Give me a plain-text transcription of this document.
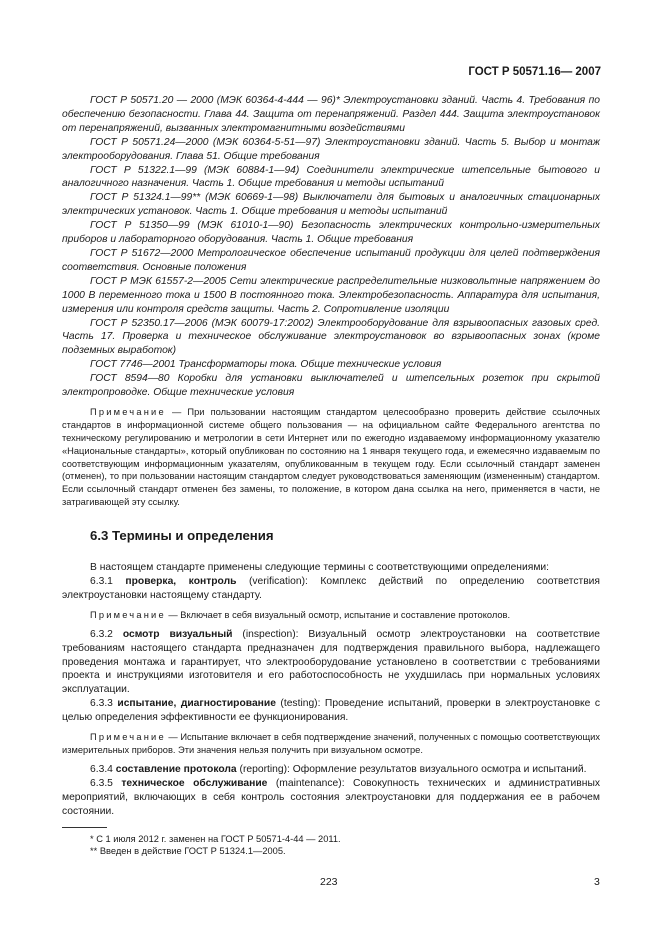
ГОСТ Р 50571.16— 2007

ГОСТ Р 50571.20 — 2000 (МЭК 60364-4-444 — 96)* Электроустановки зданий. Часть 4. Требования по обеспечению безопасности. Глава 44. Защита от перенапряжений. Раздел 444. Защита электроустановок от перенапряжений, вызванных электромагнитными воздействиями

ГОСТ Р 50571.24—2000 (МЭК 60364-5-51—97) Электроустановки зданий. Часть 5. Выбор и монтаж электрооборудования. Глава 51. Общие требования

ГОСТ Р 51322.1—99 (МЭК 60884-1—94) Соединители электрические штепсельные бытового и аналогичного назначения. Часть 1. Общие требования и методы испытаний

ГОСТ Р 51324.1—99** (МЭК 60669-1—98) Выключатели для бытовых и аналогичных стационарных электрических установок. Часть 1. Общие требования и методы испытаний

ГОСТ Р 51350—99 (МЭК 61010-1—90) Безопасность электрических контрольно-измерительных приборов и лабораторного оборудования. Часть 1. Общие требования

ГОСТ Р 51672—2000 Метрологическое обеспечение испытаний продукции для целей подтверждения соответствия. Основные положения

ГОСТ Р МЭК 61557-2—2005 Сети электрические распределительные низковольтные напряжением до 1000 В переменного тока и 1500 В постоянного тока. Электробезопасность. Аппаратура для испытания, измерения или контроля средств защиты. Часть 2. Сопротивление изоляции

ГОСТ Р 52350.17—2006 (МЭК 60079-17:2002) Электрооборудование для взрывоопасных газовых сред. Часть 17. Проверка и техническое обслуживание электроустановок во взрывоопасных зонах (кроме подземных выработок)

ГОСТ 7746—2001 Трансформаторы тока. Общие технические условия

ГОСТ 8594—80 Коробки для установки выключателей и штепсельных розеток при скрытой электропроводке. Общие технические условия

Примечание — При пользовании настоящим стандартом целесообразно проверить действие ссылочных стандартов в информационной системе общего пользования — на официальном сайте Федерального агентства по техническому регулированию и метрологии в сети Интернет или по ежегодно издаваемому информационному указателю «Национальные стандарты», который опубликован по состоянию на 1 января текущего года, и ежемесячно издаваемым по соответствующим информационным указателям, опубликованным в текущем году. Если ссылочный стандарт заменен (отменен), то при пользовании настоящим стандартом следует руководствоваться заменяющим (измененным) стандартом. Если ссылочный стандарт отменен без замены, то положение, в котором дана ссылка на него, применяется в части, не затрагивающей эту ссылку.

6.3 Термины и определения

В настоящем стандарте применены следующие термины с соответствующими определениями:

6.3.1 проверка, контроль (verification): Комплекс действий по определению соответствия электроустановки настоящему стандарту.

Примечание — Включает в себя визуальный осмотр, испытание и составление протоколов.

6.3.2 осмотр визуальный (inspection): Визуальный осмотр электроустановки на соответствие требованиям настоящего стандарта предназначен для подтверждения правильного выбора, надлежащего проведения монтажа и гарантирует, что электрооборудование установлено в соответствии с требованиями проекта и инструкциями изготовителя и его работоспособность не ухудшилась при нормальных условиях эксплуатации.

6.3.3 испытание, диагностирование (testing): Проведение испытаний, проверки в электроустановке с целью определения эффективности ее функционирования.

Примечание — Испытание включает в себя подтверждение значений, полученных с помощью соответствующих измерительных приборов. Эти значения нельзя получить при визуальном осмотре.

6.3.4 составление протокола (reporting): Оформление результатов визуального осмотра и испытаний.

6.3.5 техническое обслуживание (maintenance): Совокупность технических и административных мероприятий, включающих в себя контроль состояния электроустановки для поддержания ее в рабочем состоянии.

* С 1 июля 2012 г. заменен на ГОСТ Р 50571-4-44 — 2011.

** Введен в действие ГОСТ Р 51324.1—2005.

223	3
